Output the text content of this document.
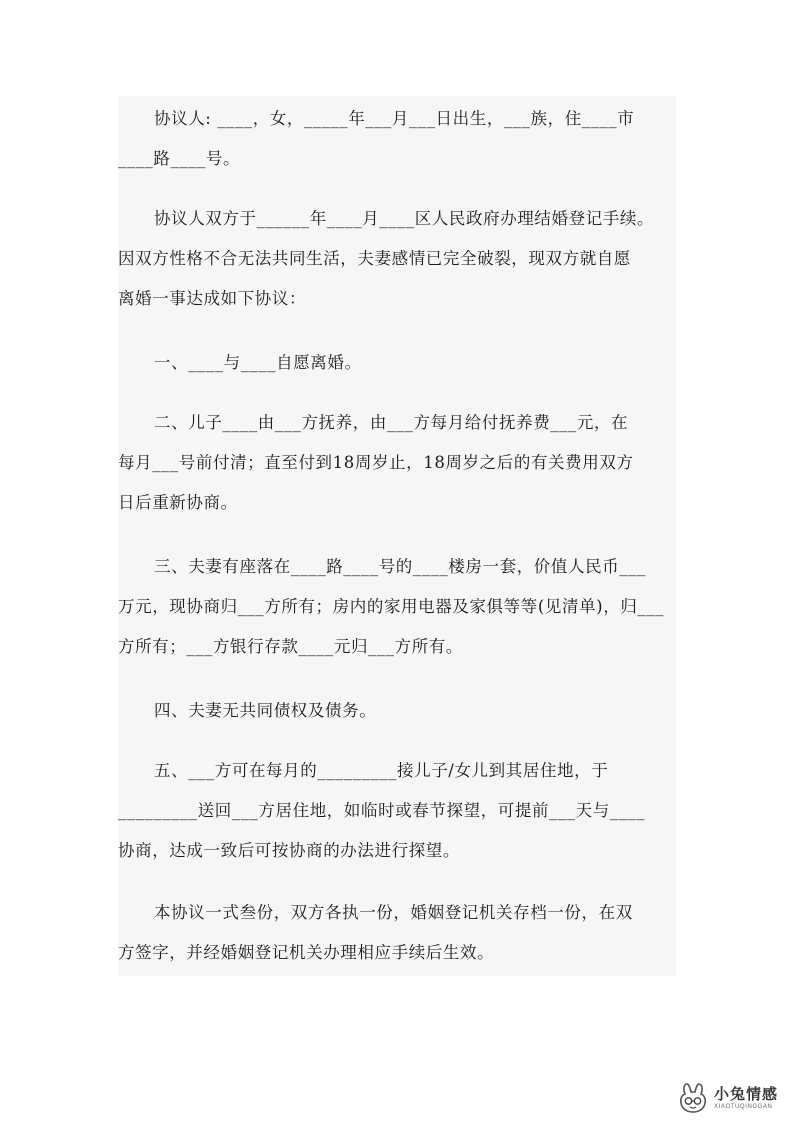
协议人: ____，女，_____年___月___日出生，___族，住____市
____路____号。
协议人双方于______年____月____区人民政府办理结婚登记手续。
因双方性格不合无法共同生活，夫妻感情已完全破裂，现双方就自愿
离婚一事达成如下协议：
一、____与____自愿离婚。
二、儿子____由___方抚养，由___方每月给付抚养费___元，在
每月___号前付清；直至付到18周岁止，18周岁之后的有关费用双方
日后重新协商。
三、夫妻有座落在____路____号的____楼房一套，价值人民币___
万元，现协商归___方所有；房内的家用电器及家俱等等(见清单)，归___
方所有；___方银行存款____元归___方所有。
四、夫妻无共同债权及债务。
五、___方可在每月的_________接儿子/女儿到其居住地，于
_________送回___方居住地，如临时或春节探望，可提前___天与____
协商，达成一致后可按协商的办法进行探望。
本协议一式叁份，双方各执一份，婚姻登记机关存档一份，在双
方签字，并经婚姻登记机关办理相应手续后生效。
小兔情感
XIAOTUQINGGAN
